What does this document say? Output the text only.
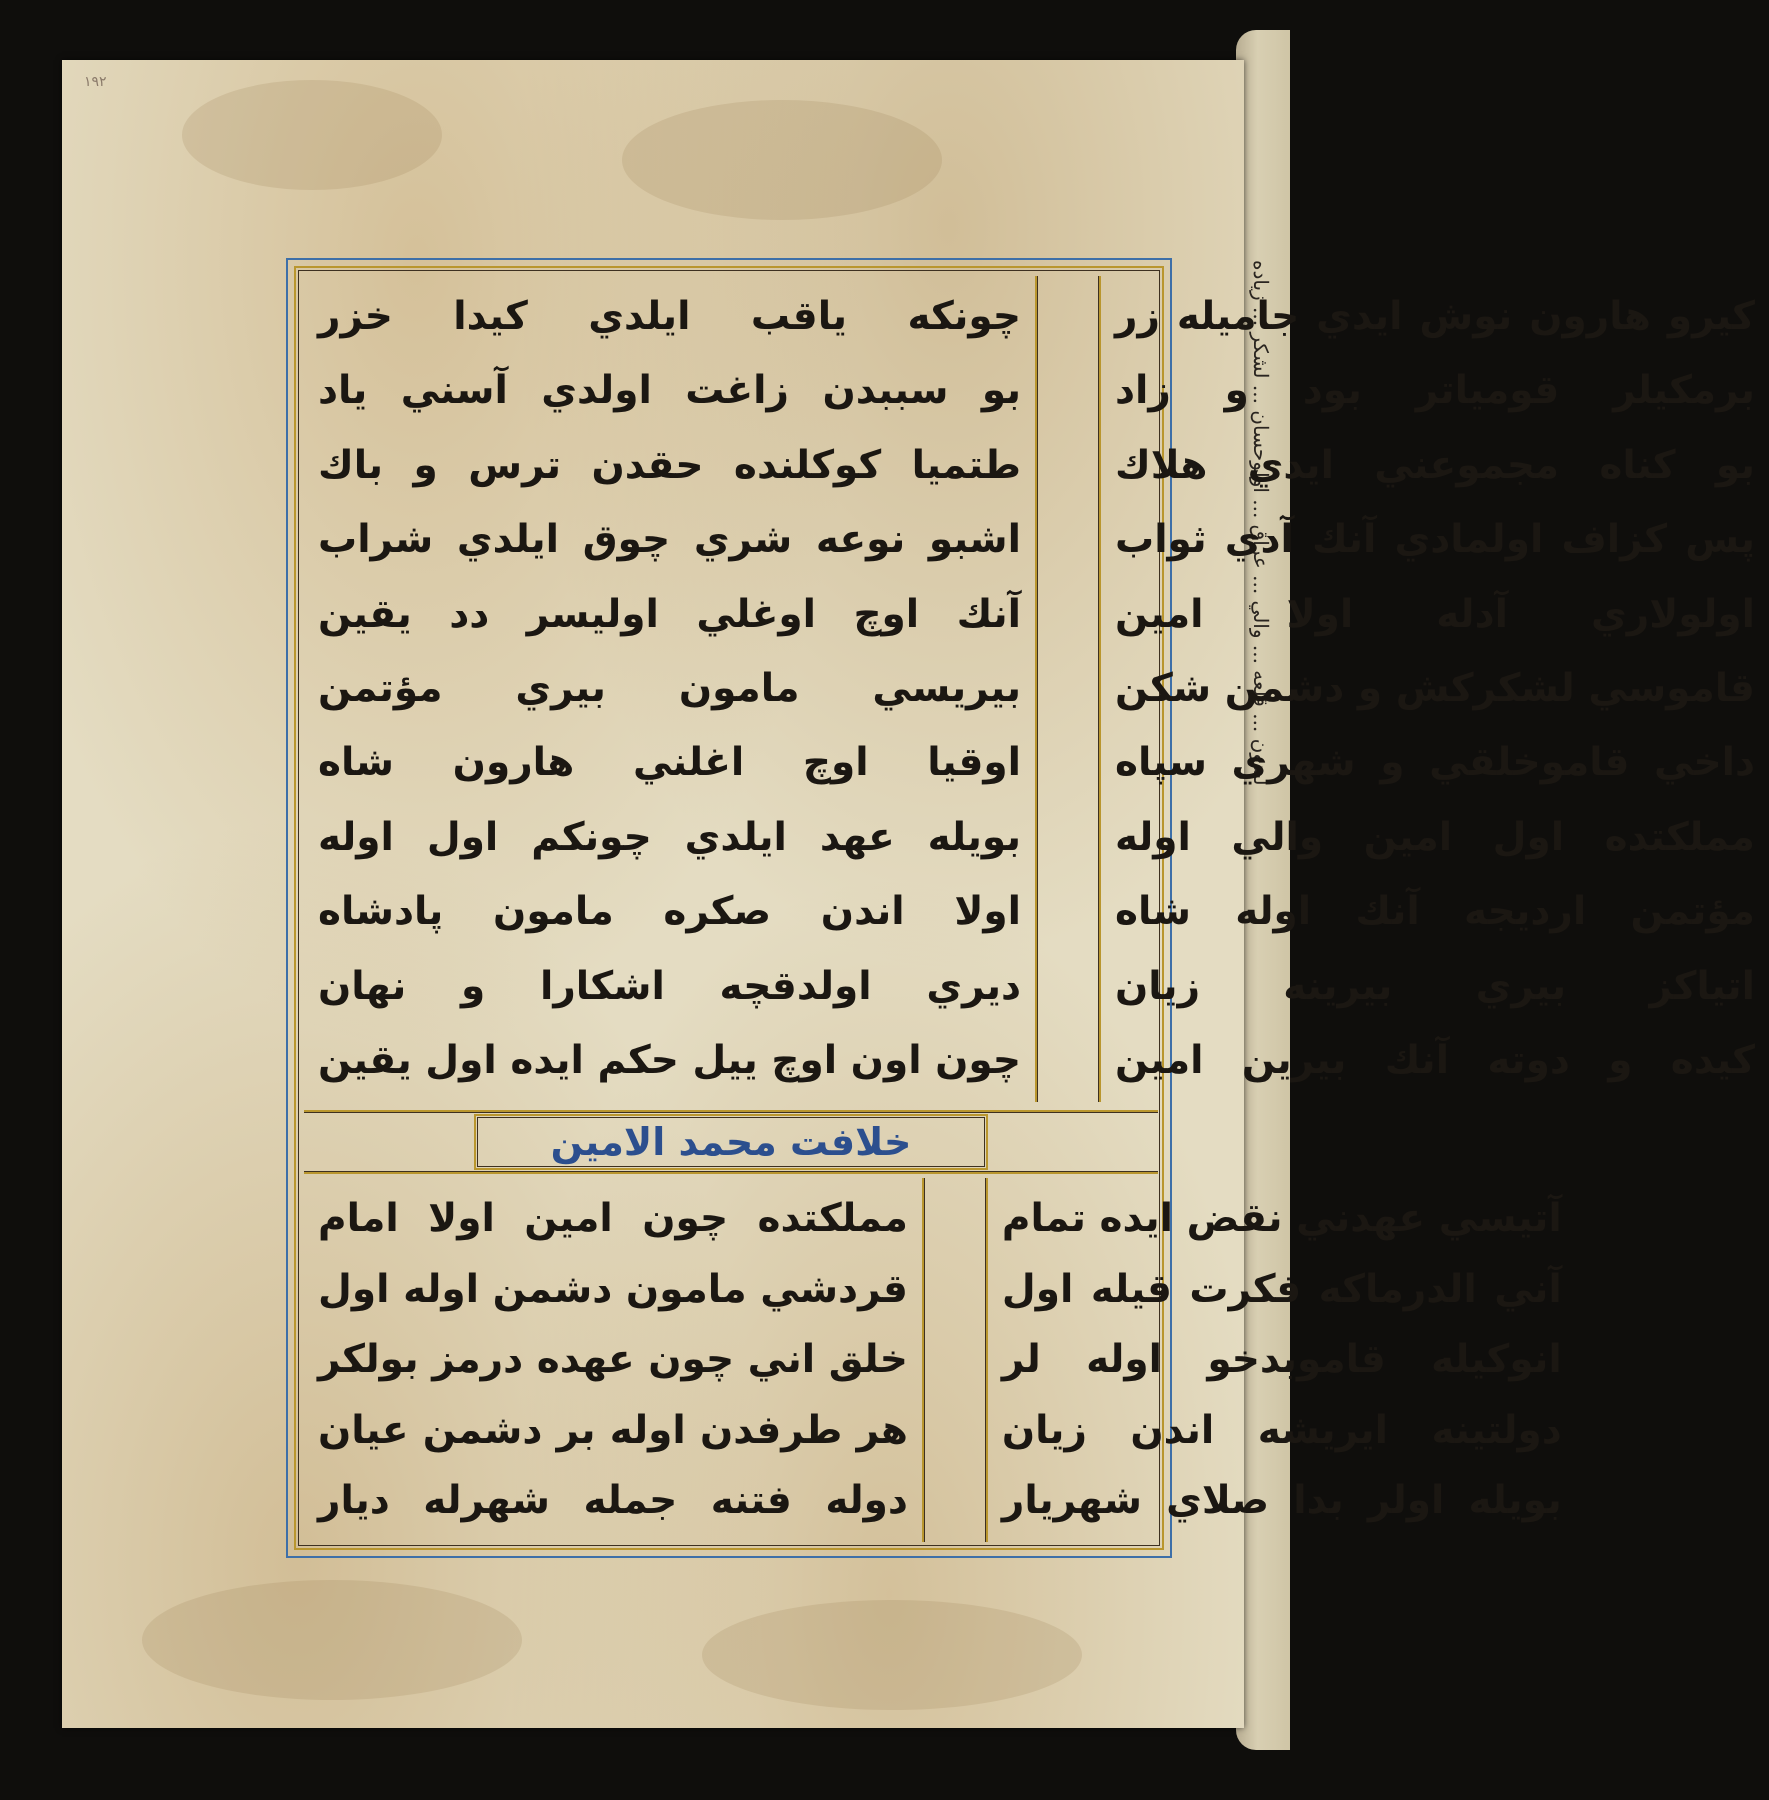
ليدون ... قلعه ... والي ... عراق ... اولوحسان ... لشكر ... زياده
١٩٢
چونكه ياقب ايلدي كيدا خزر
بو سببدن زاغت اولدي آسني ياد
طتميا كوكلنده حقدن ترس و باك
اشبو نوعه شري چوق ايلدي شراب
آنك اوچ اوغلي اوليسر دد يقين
بيريسي مامون بيري مؤتمن
اوقيا اوچ اغلني هارون شاه
بويله عهد ايلدي چونكم اول اوله
اولا اندن صكره مامون پادشاه
ديري اولدقچه اشكارا و نهان
چون اون اوچ ييل حكم ايده اول يقين
كيرو هارون نوش ايدي جاميله زر
برمكيلر قومياتر بود و زاد
بو كناه مجموعني ايدي هلاك
پس كزاف اولمادي آنك آدي ثواب
اولولاري آدله اولا امين
قاموسي لشكركش و دشمن شكن
داخي قاموخلقي و شهري سپاه
مملكتده اول امين والي اوله
مؤتمن ارديجه آنك اوله شاه
اتياكز بيري بيرينه زيان
كيده و دوته آنك بيرين امين
خلافت محمد الامين
مملكتده چون امين اولا امام
قردشي مامون دشمن اوله اول
خلق اني چون عهده درمز بولكر
هر طرفدن اوله بر دشمن عيان
دوله فتنه جمله شهرله ديار
آتيسي عهدني نقض ايده تمام
آني الدرماكه فكرت قيله اول
انوكيله قاموبدخو اوله لر
دولتينه ايريشه اندن زيان
بويله اولر بدا صلاي شهريار
